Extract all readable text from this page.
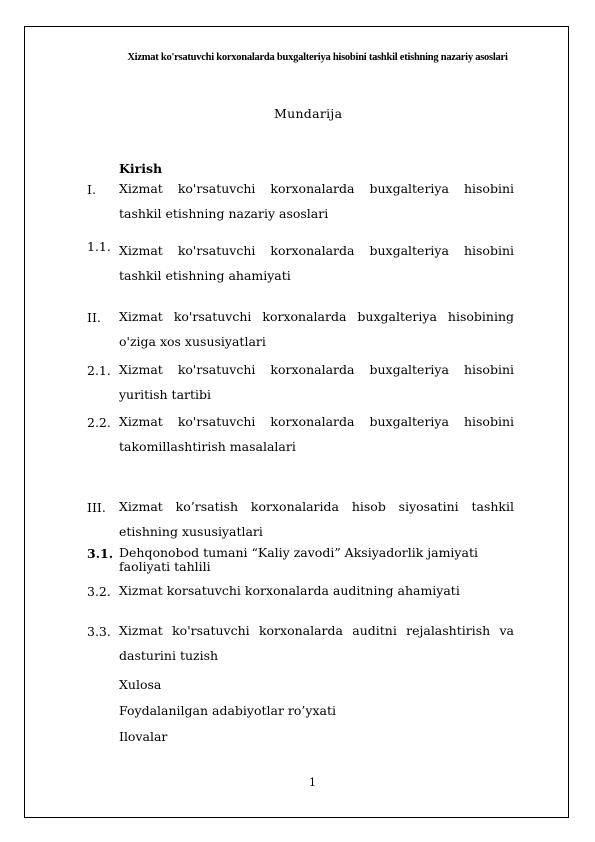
Xizmat ko'rsatuvchi korxonalarda buxgalteriya hisobini tashkil etishning nazariy asoslari
Mundarija
Kirish
I. Xizmat ko'rsatuvchi korxonalarda buxgalteriya hisobini
tashkil etishning nazariy asoslari
1.1. Xizmat ko'rsatuvchi korxonalarda buxgalteriya hisobini
tashkil etishning ahamiyati
II. Xizmat ko'rsatuvchi korxonalarda buxgalteriya hisobining
o'ziga xos xususiyatlari
2.1. Xizmat ko'rsatuvchi korxonalarda buxgalteriya hisobini
yuritish tartibi
2.2. Xizmat ko'rsatuvchi korxonalarda buxgalteriya hisobini
takomillashtirish masalalari
III. Xizmat ko’rsatish korxonalarida hisob siyosatini tashkil
etishning xususiyatlari
3.1. Dehqonobod tumani “Kaliy zavodi” Aksiyadorlik jamiyati
faoliyati tahlili
3.2. Xizmat korsatuvchi korxonalarda auditning ahamiyati
3.3. Xizmat ko'rsatuvchi korxonalarda auditni rejalashtirish va
dasturini tuzish
Xulosa
Foydalanilgan adabiyotlar ro’yxati
Ilovalar
1
